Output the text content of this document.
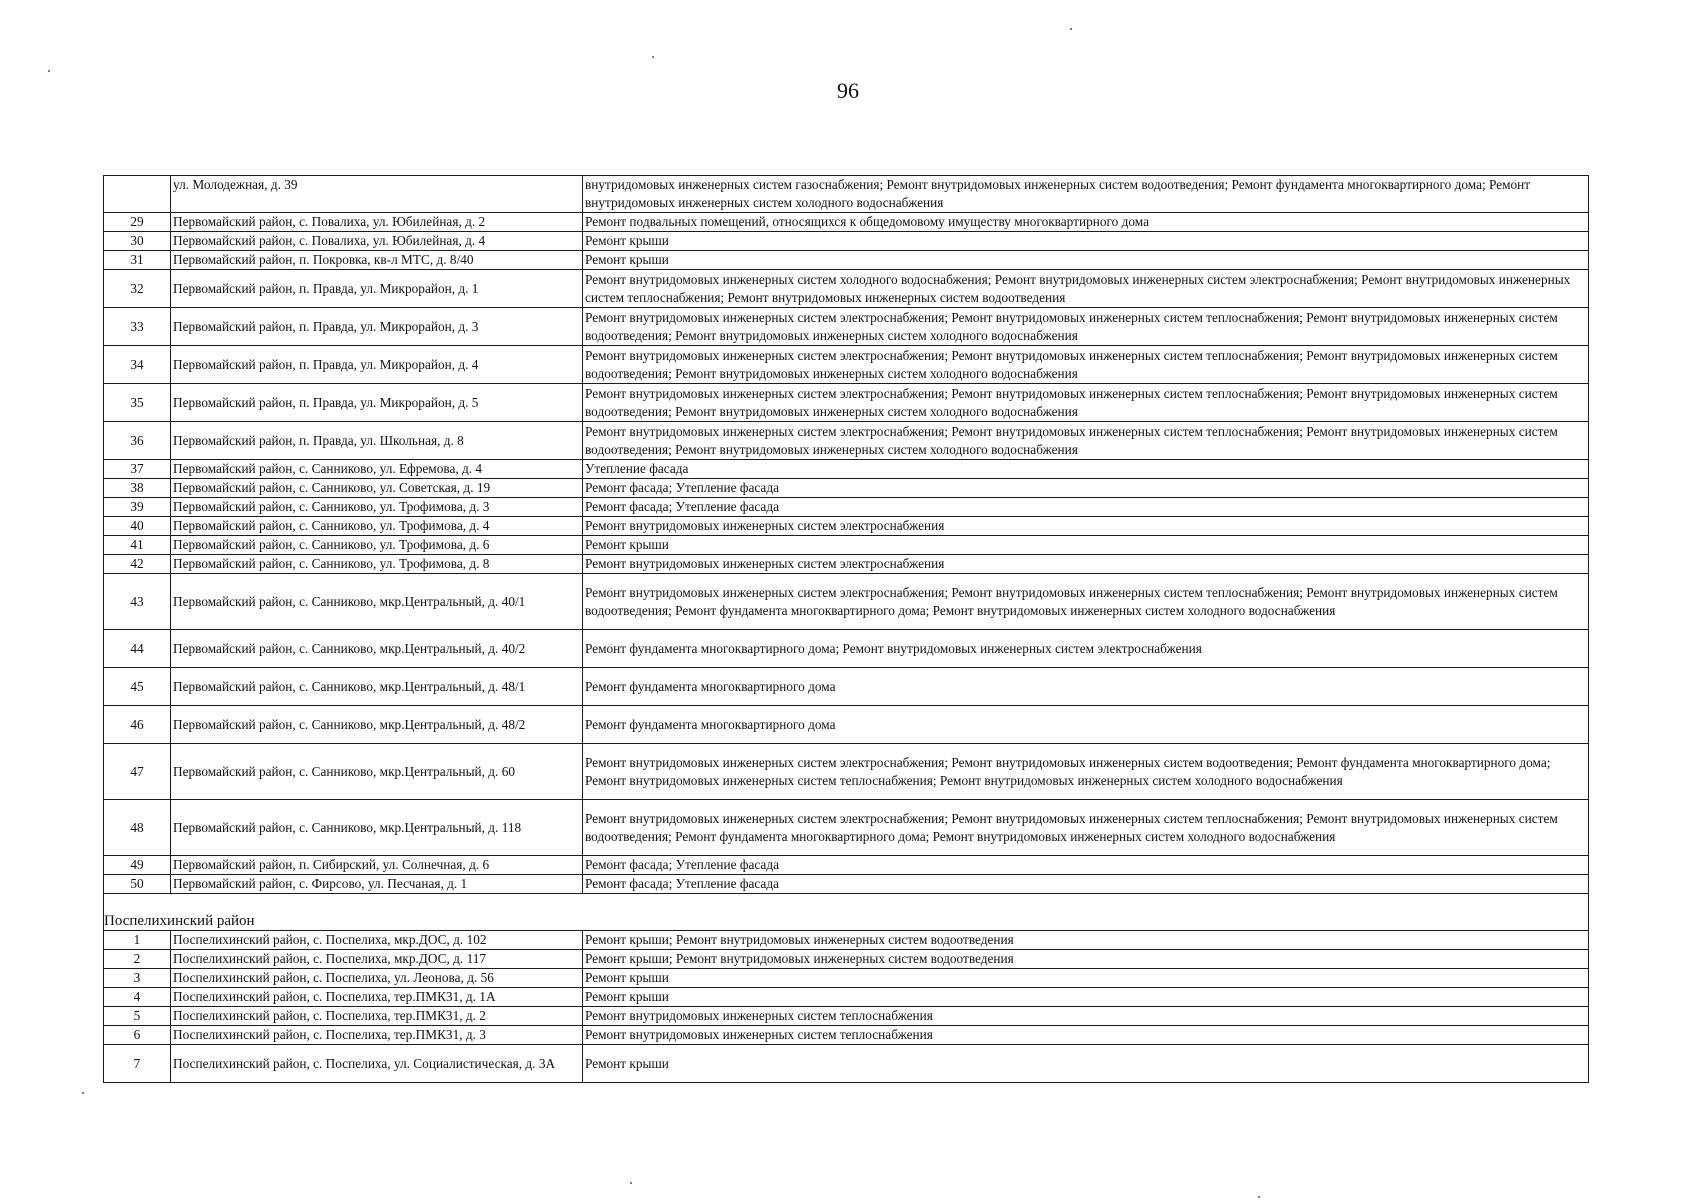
96
	ул. Молодежная, д. 39	внутридомовых инженерных систем газоснабжения; Ремонт внутридомовых инженерных систем водоотведения; Ремонт фундамента многоквартирного дома; Ремонт внутридомовых инженерных систем холодного водоснабжения
29	Первомайский район, с. Повалиха, ул. Юбилейная, д. 2	Ремонт подвальных помещений, относящихся к общедомовому имуществу многоквартирного дома
30	Первомайский район, с. Повалиха, ул. Юбилейная, д. 4	Ремонт крыши
31	Первомайский район, п. Покровка, кв-л МТС, д. 8/40	Ремонт крыши
32	Первомайский район, п. Правда, ул. Микрорайон, д. 1	Ремонт внутридомовых инженерных систем холодного водоснабжения; Ремонт внутридомовых инженерных систем электроснабжения; Ремонт внутридомовых инженерных систем теплоснабжения; Ремонт внутридомовых инженерных систем водоотведения
33	Первомайский район, п. Правда, ул. Микрорайон, д. 3	Ремонт внутридомовых инженерных систем электроснабжения; Ремонт внутридомовых инженерных систем теплоснабжения; Ремонт внутридомовых инженерных систем водоотведения; Ремонт внутридомовых инженерных систем холодного водоснабжения
34	Первомайский район, п. Правда, ул. Микрорайон, д. 4	Ремонт внутридомовых инженерных систем электроснабжения; Ремонт внутридомовых инженерных систем теплоснабжения; Ремонт внутридомовых инженерных систем водоотведения; Ремонт внутридомовых инженерных систем холодного водоснабжения
35	Первомайский район, п. Правда, ул. Микрорайон, д. 5	Ремонт внутридомовых инженерных систем электроснабжения; Ремонт внутридомовых инженерных систем теплоснабжения; Ремонт внутридомовых инженерных систем водоотведения; Ремонт внутридомовых инженерных систем холодного водоснабжения
36	Первомайский район, п. Правда, ул. Школьная, д. 8	Ремонт внутридомовых инженерных систем электроснабжения; Ремонт внутридомовых инженерных систем теплоснабжения; Ремонт внутридомовых инженерных систем водоотведения; Ремонт внутридомовых инженерных систем холодного водоснабжения
37	Первомайский район, с. Санниково, ул. Ефремова, д. 4	Утепление фасада
38	Первомайский район, с. Санниково, ул. Советская, д. 19	Ремонт фасада; Утепление фасада
39	Первомайский район, с. Санниково, ул. Трофимова, д. 3	Ремонт фасада; Утепление фасада
40	Первомайский район, с. Санниково, ул. Трофимова, д. 4	Ремонт внутридомовых инженерных систем электроснабжения
41	Первомайский район, с. Санниково, ул. Трофимова, д. 6	Ремонт крыши
42	Первомайский район, с. Санниково, ул. Трофимова, д. 8	Ремонт внутридомовых инженерных систем электроснабжения
43	Первомайский район, с. Санниково, мкр.Центральный, д. 40/1	Ремонт внутридомовых инженерных систем электроснабжения; Ремонт внутридомовых инженерных систем теплоснабжения; Ремонт внутридомовых инженерных систем водоотведения; Ремонт фундамента многоквартирного дома; Ремонт внутридомовых инженерных систем холодного водоснабжения
44	Первомайский район, с. Санниково, мкр.Центральный, д. 40/2	Ремонт фундамента многоквартирного дома; Ремонт внутридомовых инженерных систем электроснабжения
45	Первомайский район, с. Санниково, мкр.Центральный, д. 48/1	Ремонт фундамента многоквартирного дома
46	Первомайский район, с. Санниково, мкр.Центральный, д. 48/2	Ремонт фундамента многоквартирного дома
47	Первомайский район, с. Санниково, мкр.Центральный, д. 60	Ремонт внутридомовых инженерных систем электроснабжения; Ремонт внутридомовых инженерных систем водоотведения; Ремонт фундамента многоквартирного дома; Ремонт внутридомовых инженерных систем теплоснабжения; Ремонт внутридомовых инженерных систем холодного водоснабжения
48	Первомайский район, с. Санниково, мкр.Центральный, д. 118	Ремонт внутридомовых инженерных систем электроснабжения; Ремонт внутридомовых инженерных систем теплоснабжения; Ремонт внутридомовых инженерных систем водоотведения; Ремонт фундамента многоквартирного дома; Ремонт внутридомовых инженерных систем холодного водоснабжения
49	Первомайский район, п. Сибирский, ул. Солнечная, д. 6	Ремонт фасада; Утепление фасада
50	Первомайский район, с. Фирсово, ул. Песчаная, д. 1	Ремонт фасада; Утепление фасада

Поспелихинский район		
1	Поспелихинский район, с. Поспелиха, мкр.ДОС, д. 102	Ремонт крыши; Ремонт внутридомовых инженерных систем водоотведения
2	Поспелихинский район, с. Поспелиха, мкр.ДОС, д. 117	Ремонт крыши; Ремонт внутридомовых инженерных систем водоотведения
3	Поспелихинский район, с. Поспелиха, ул. Леонова, д. 56	Ремонт крыши
4	Поспелихинский район, с. Поспелиха, тер.ПМК31, д. 1А	Ремонт крыши
5	Поспелихинский район, с. Поспелиха, тер.ПМК31, д. 2	Ремонт внутридомовых инженерных систем теплоснабжения
6	Поспелихинский район, с. Поспелиха, тер.ПМК31, д. 3	Ремонт внутридомовых инженерных систем теплоснабжения
7	Поспелихинский район, с. Поспелиха, ул. Социалистическая, д. 3А	Ремонт крыши
